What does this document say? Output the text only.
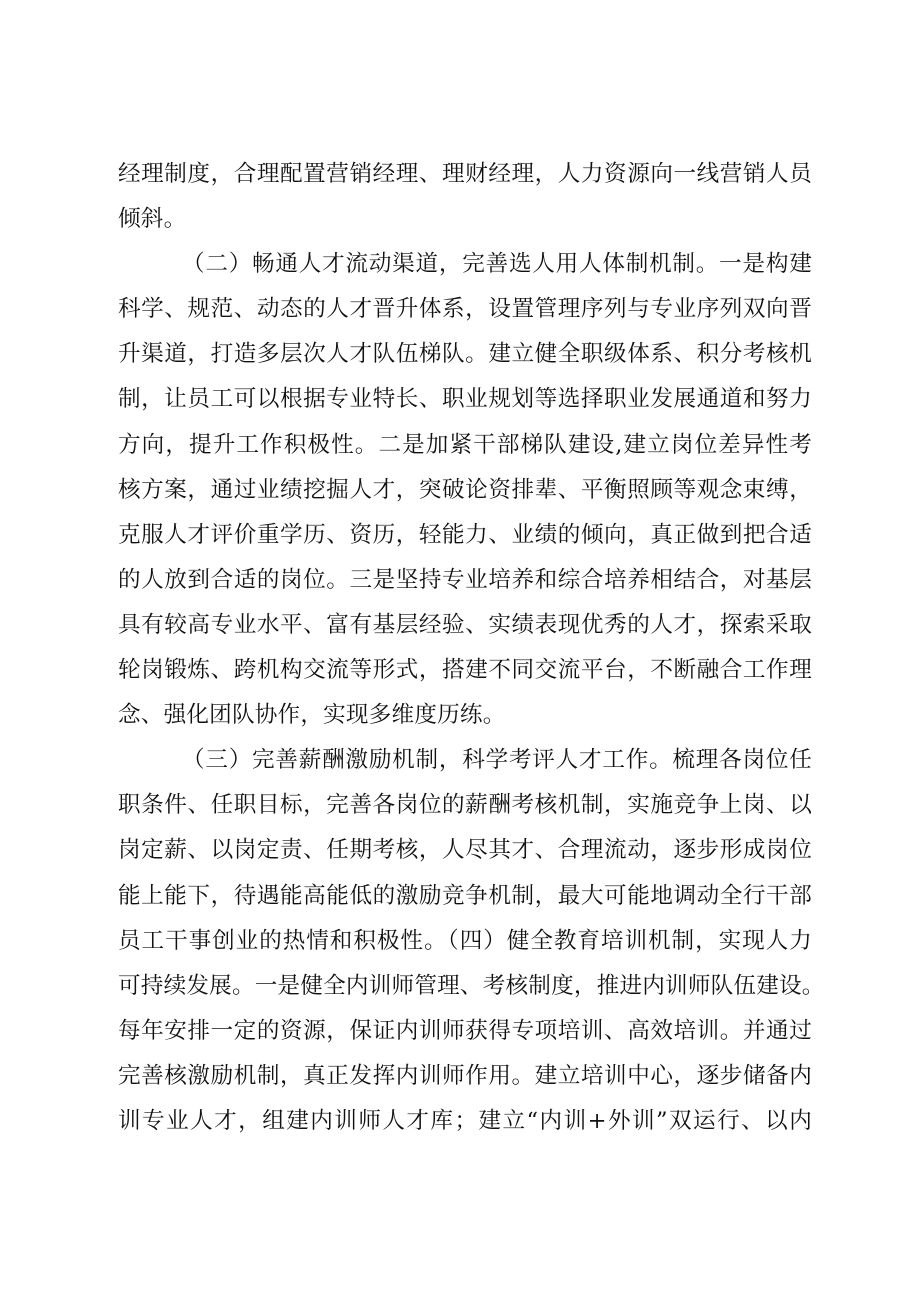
经理制度，合理配置营销经理、理财经理，人力资源向一线营销人员
倾斜。
（二）畅通人才流动渠道，完善选人用人体制机制。一是构建
科学、规范、动态的人才晋升体系，设置管理序列与专业序列双向晋
升渠道，打造多层次人才队伍梯队。建立健全职级体系、积分考核机
制，让员工可以根据专业特长、职业规划等选择职业发展通道和努力
方向，提升工作积极性。二是加紧干部梯队建设,建立岗位差异性考
核方案，通过业绩挖掘人才，突破论资排辈、平衡照顾等观念束缚，
克服人才评价重学历、资历，轻能力、业绩的倾向，真正做到把合适
的人放到合适的岗位。三是坚持专业培养和综合培养相结合，对基层
具有较高专业水平、富有基层经验、实绩表现优秀的人才，探索采取
轮岗锻炼、跨机构交流等形式，搭建不同交流平台，不断融合工作理
念、强化团队协作，实现多维度历练。
（三）完善薪酬激励机制，科学考评人才工作。梳理各岗位任
职条件、任职目标，完善各岗位的薪酬考核机制，实施竞争上岗、以
岗定薪、以岗定责、任期考核，人尽其才、合理流动，逐步形成岗位
能上能下，待遇能高能低的激励竞争机制，最大可能地调动全行干部
员工干事创业的热情和积极性。（四）健全教育培训机制，实现人力
可持续发展。一是健全内训师管理、考核制度，推进内训师队伍建设。
每年安排一定的资源，保证内训师获得专项培训、高效培训。并通过
完善核激励机制，真正发挥内训师作用。建立培训中心，逐步储备内
训专业人才，组建内训师人才库；建立“内训+外训”双运行、以内
